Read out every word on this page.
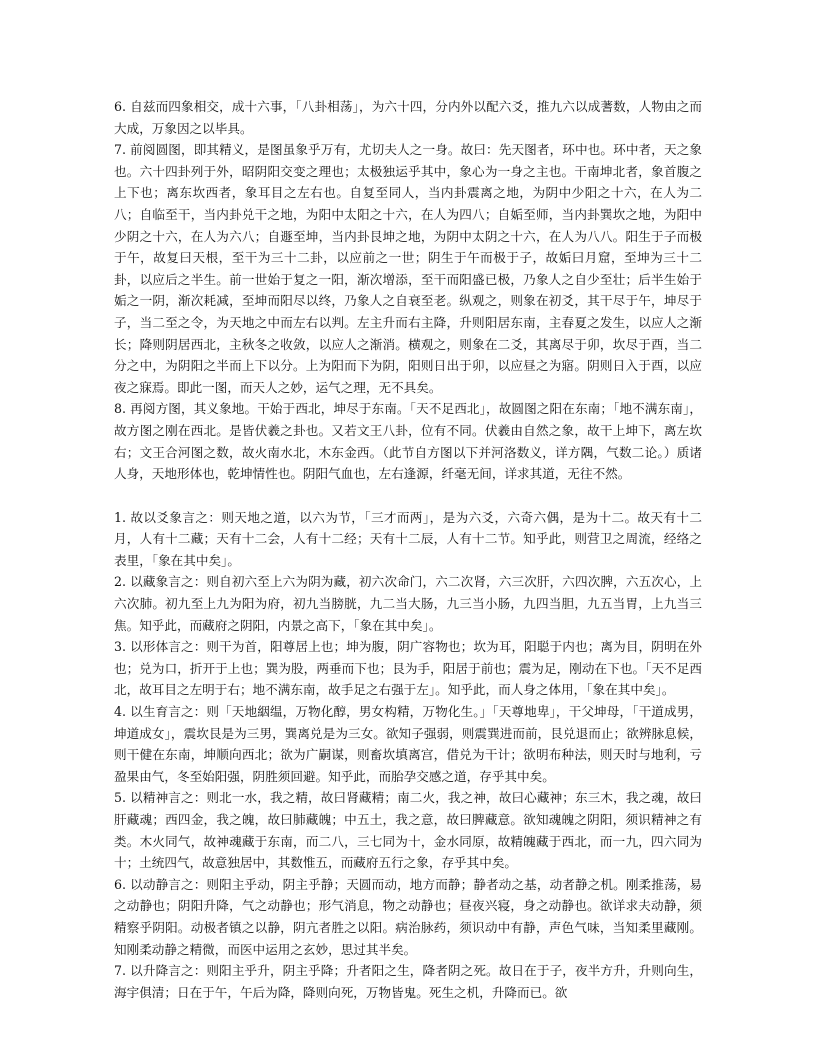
6. 自兹而四象相交，成十六事，「八卦相荡」，为六十四，分内外以配六爻，推九六以成蓍数，人物由之而大成，万象因之以毕具。

7. 前阅圆图，即其精义，是图虽象乎万有，尤切夫人之一身。故曰：先天图者，环中也。环中者，天之象也。六十四卦列于外，昭阴阳交变之理也；太极独运乎其中，象心为一身之主也。干南坤北者，象首腹之上下也；离东坎西者，象耳目之左右也。自复至同人，当内卦震离之地，为阴中少阳之十六，在人为二八；自临至干，当内卦兑干之地，为阳中太阳之十六，在人为四八；自姤至师，当内卦巽坎之地，为阳中少阴之十六，在人为六八；自遯至坤，当内卦艮坤之地，为阴中太阴之十六，在人为八八。阳生于子而极于午，故复曰天根，至干为三十二卦，以应前之一世；阴生于午而极于子，故姤曰月窟，至坤为三十二卦，以应后之半生。前一世始于复之一阳，渐次增添，至干而阳盛已极，乃象人之自少至壮；后半生始于姤之一阴，渐次耗减，至坤而阳尽以终，乃象人之自衰至老。纵观之，则象在初爻，其干尽于午，坤尽于子，当二至之令，为天地之中而左右以判。左主升而右主降，升则阳居东南，主春夏之发生，以应人之渐长；降则阴居西北，主秋冬之收敛，以应人之渐消。横观之，则象在二爻，其离尽于卯，坎尽于酉，当二分之中，为阴阳之半而上下以分。上为阳而下为阴，阳则日出于卯，以应昼之为寤。阴则日入于酉，以应夜之寐焉。即此一图，而天人之妙，运气之理，无不具矣。

8. 再阅方图，其义象地。干始于西北，坤尽于东南。「天不足西北」，故圆图之阳在东南；「地不满东南」，故方图之刚在西北。是皆伏羲之卦也。又若文王八卦，位有不同。伏羲由自然之象，故干上坤下，离左坎右；文王合河图之数，故火南水北，木东金西。（此节自方图以下并河洛数义，详方隅，气数二论。）质诸人身，天地形体也，乾坤情性也。阴阳气血也，左右逢源，纤毫无间，详求其道，无往不然。

1. 故以爻象言之：则天地之道，以六为节，「三才而两」，是为六爻，六奇六偶，是为十二。故天有十二月，人有十二藏；天有十二会，人有十二经；天有十二辰，人有十二节。知乎此，则营卫之周流，经络之表里，「象在其中矣」。

2. 以藏象言之：则自初六至上六为阴为藏，初六次命门，六二次肾，六三次肝，六四次脾，六五次心，上六次肺。初九至上九为阳为府，初九当膀胱，九二当大肠，九三当小肠，九四当胆，九五当胃，上九当三焦。知乎此，而藏府之阴阳，内景之高下，「象在其中矣」。

3. 以形体言之：则干为首，阳尊居上也；坤为腹，阴广容物也；坎为耳，阳聪于内也；离为目，阴明在外也；兑为口，折开于上也；巽为股，两垂而下也；艮为手，阳居于前也；震为足，刚动在下也。「天不足西北，故耳目之左明于右；地不满东南，故手足之右强于左」。知乎此，而人身之体用，「象在其中矣」。

4. 以生育言之：则「天地絪缊，万物化醇，男女构精，万物化生。」「天尊地卑」，干父坤母，「干道成男，坤道成女」，震坎艮是为三男，巽离兑是为三女。欲知子强弱，则震巽进而前，艮兑退而止；欲辨脉息候，则干健在东南，坤顺向西北；欲为广嗣谋，则畜坎填离宫，借兑为干计；欲明布种法，则天时与地利，亏盈果由气，冬至始阳强，阴胜须回避。知乎此，而胎孕交感之道，存乎其中矣。

5. 以精神言之：则北一水，我之精，故曰肾藏精；南二火，我之神，故曰心藏神；东三木，我之魂，故曰肝藏魂；西四金，我之魄，故曰肺藏魄；中五土，我之意，故曰脾藏意。欲知魂魄之阴阳，须识精神之有类。木火同气，故神魂藏于东南，而二八，三七同为十，金水同原，故精魄藏于西北，而一九，四六同为十；土统四气，故意独居中，其数惟五，而藏府五行之象，存乎其中矣。

6. 以动静言之：则阳主乎动，阴主乎静；天圆而动，地方而静；静者动之基，动者静之机。刚柔推荡，易之动静也；阴阳升降，气之动静也；形气消息，物之动静也；昼夜兴寝，身之动静也。欲详求夫动静，须精察乎阴阳。动极者镇之以静，阴亢者胜之以阳。病治脉药，须识动中有静，声色气味，当知柔里藏刚。知刚柔动静之精微，而医中运用之玄妙，思过其半矣。

7. 以升降言之：则阳主乎升，阴主乎降；升者阳之生，降者阴之死。故日在于子，夜半方升，升则向生，海宇俱清；日在于午，午后为降，降则向死，万物皆鬼。死生之机，升降而已。欲
